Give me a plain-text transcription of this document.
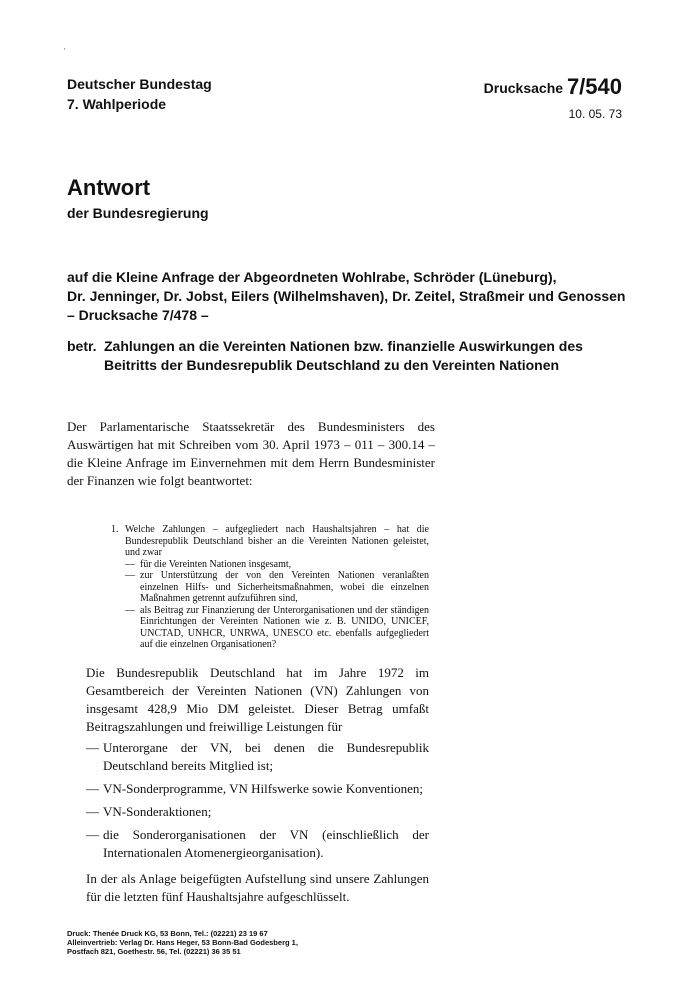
'
Deutscher Bundestag
7. Wahlperiode
Drucksache 7/540
10. 05. 73
Antwort
der Bundesregierung
auf die Kleine Anfrage der Abgeordneten Wohlrabe, Schröder (Lüneburg),
Dr. Jenninger, Dr. Jobst, Eilers (Wilhelmshaven), Dr. Zeitel, Straßmeir und Genossen
– Drucksache 7/478 –
betr. Zahlungen an die Vereinten Nationen bzw. finanzielle Auswirkungen des Beitritts der Bundesrepublik Deutschland zu den Vereinten Nationen
Der Parlamentarische Staatssekretär des Bundesministers des Auswärtigen hat mit Schreiben vom 30. April 1973 – 011 – 300.14 – die Kleine Anfrage im Einvernehmen mit dem Herrn Bundesminister der Finanzen wie folgt beantwortet:
1. Welche Zahlungen – aufgegliedert nach Haushaltsjahren – hat die Bundesrepublik Deutschland bisher an die Vereinten Nationen geleistet, und zwar
— für die Vereinten Nationen insgesamt,
— zur Unterstützung der von den Vereinten Nationen veranlaßten einzelnen Hilfs- und Sicherheitsmaßnahmen, wobei die einzelnen Maßnahmen getrennt aufzuführen sind,
— als Beitrag zur Finanzierung der Unterorganisationen und der ständigen Einrichtungen der Vereinten Nationen wie z. B. UNIDO, UNICEF, UNCTAD, UNHCR, UNRWA, UNESCO etc. ebenfalls aufgegliedert auf die einzelnen Organisationen?

Die Bundesrepublik Deutschland hat im Jahre 1972 im Gesamtbereich der Vereinten Nationen (VN) Zahlungen von insgesamt 428,9 Mio DM geleistet. Dieser Betrag umfaßt Beitragszahlungen und freiwillige Leistungen für

— Unterorgane der VN, bei denen die Bundesrepublik Deutschland bereits Mitglied ist;
— VN-Sonderprogramme, VN Hilfswerke sowie Konventionen;
— VN-Sonderaktionen;
— die Sonderorganisationen der VN (einschließlich der Internationalen Atomenergieorganisation).

In der als Anlage beigefügten Aufstellung sind unsere Zahlungen für die letzten fünf Haushaltsjahre aufgeschlüsselt.

Druck: Thenée Druck KG, 53 Bonn, Tel.: (02221) 23 19 67
Alleinvertrieb: Verlag Dr. Hans Heger, 53 Bonn-Bad Godesberg 1,
Postfach 821, Goethestr. 56, Tel. (02221) 36 35 51
